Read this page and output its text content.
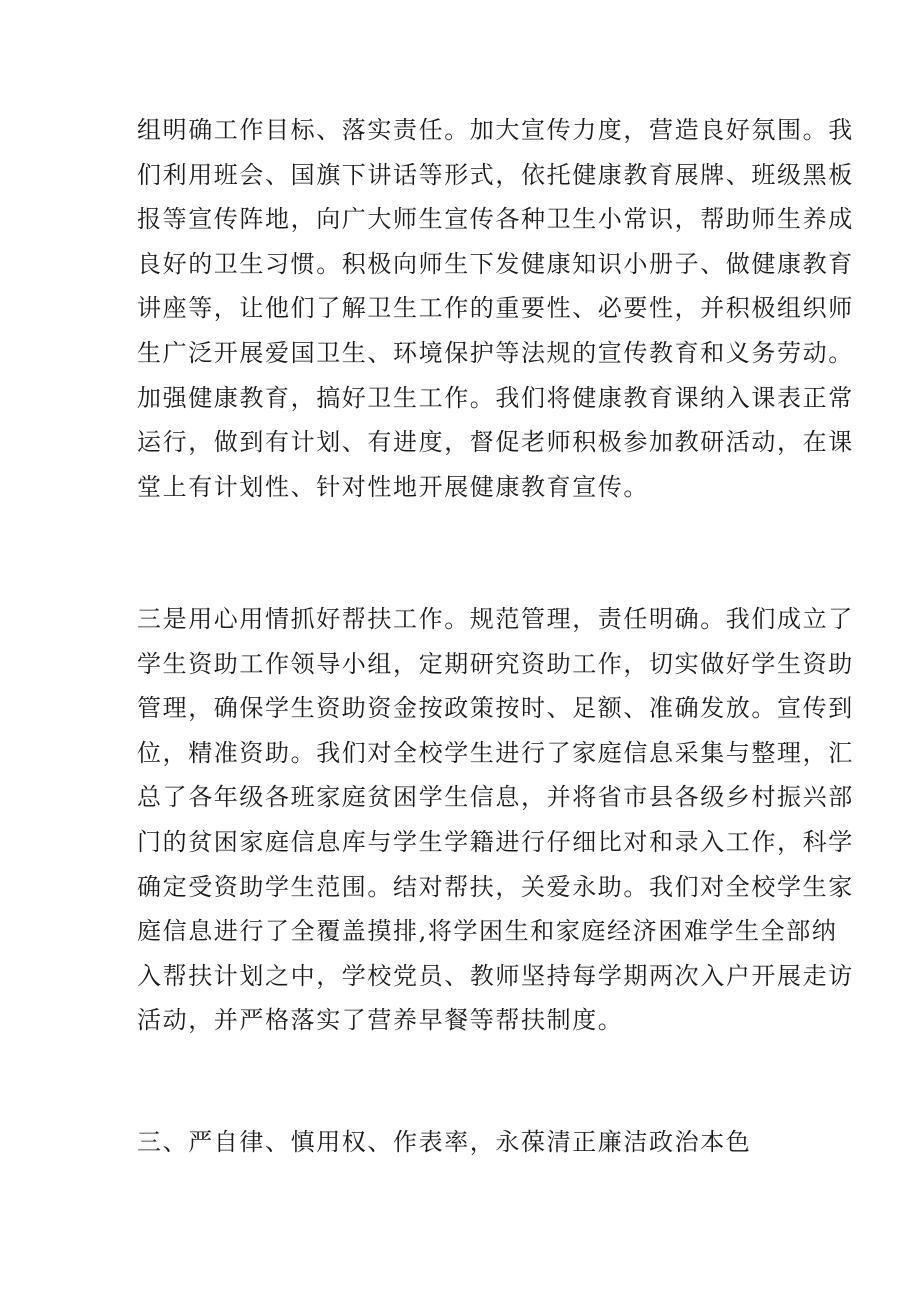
组明确工作目标、落实责任。加大宣传力度，营造良好氛围。我
们利用班会、国旗下讲话等形式，依托健康教育展牌、班级黑板
报等宣传阵地，向广大师生宣传各种卫生小常识，帮助师生养成
良好的卫生习惯。积极向师生下发健康知识小册子、做健康教育
讲座等，让他们了解卫生工作的重要性、必要性，并积极组织师
生广泛开展爱国卫生、环境保护等法规的宣传教育和义务劳动。
加强健康教育，搞好卫生工作。我们将健康教育课纳入课表正常
运行，做到有计划、有进度，督促老师积极参加教研活动，在课
堂上有计划性、针对性地开展健康教育宣传。
三是用心用情抓好帮扶工作。规范管理，责任明确。我们成立了
学生资助工作领导小组，定期研究资助工作，切实做好学生资助
管理，确保学生资助资金按政策按时、足额、准确发放。宣传到
位，精准资助。我们对全校学生进行了家庭信息采集与整理，汇
总了各年级各班家庭贫困学生信息，并将省市县各级乡村振兴部
门的贫困家庭信息库与学生学籍进行仔细比对和录入工作，科学
确定受资助学生范围。结对帮扶，关爱永助。我们对全校学生家
庭信息进行了全覆盖摸排,将学困生和家庭经济困难学生全部纳
入帮扶计划之中，学校党员、教师坚持每学期两次入户开展走访
活动，并严格落实了营养早餐等帮扶制度。
三、严自律、慎用权、作表率，永葆清正廉洁政治本色
